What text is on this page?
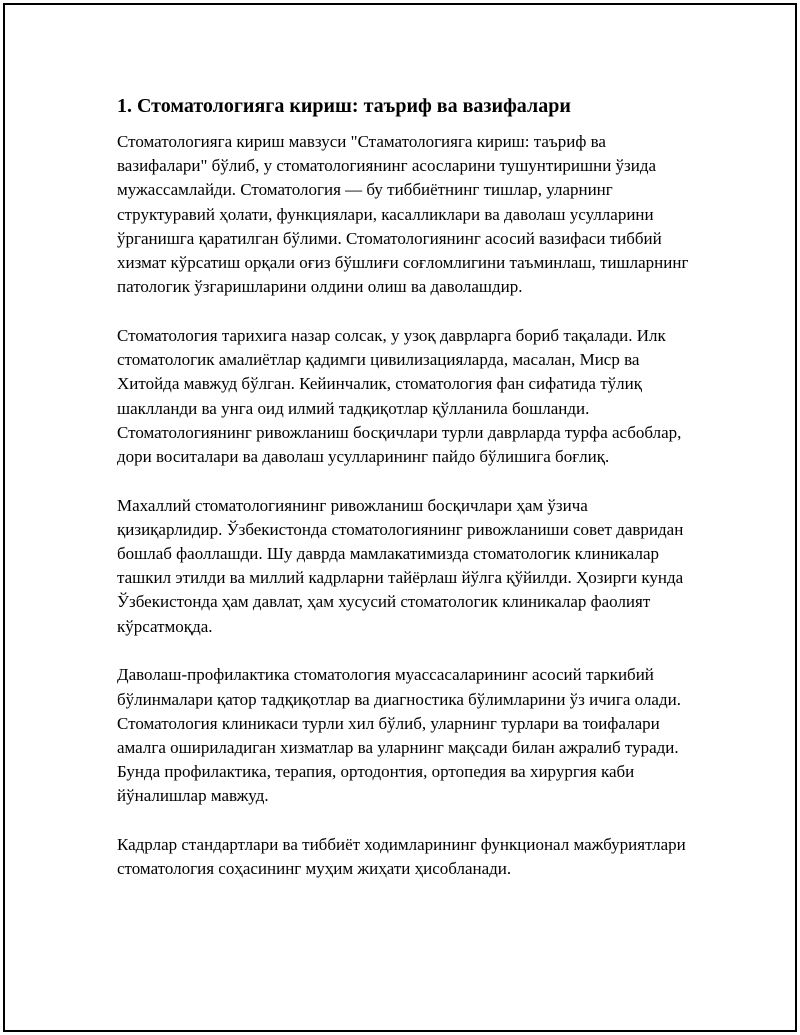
1. Стоматологияга кириш: таъриф ва вазифалари

Стоматологияга кириш мавзуси "Стаматологияга кириш: таъриф ва вазифалари" бўлиб, у стоматологиянинг асосларини тушунтиришни ўзида мужассамлайди. Стоматология — бу тиббиётнинг тишлар, уларнинг структуравий ҳолати, функциялари, касалликлари ва даволаш усулларини ўрганишга қаратилган бўлими. Стоматологиянинг асосий вазифаси тиббий хизмат кўрсатиш орқали оғиз бўшлиғи соғломлигини таъминлаш, тишларнинг патологик ўзгаришларини олдини олиш ва даволашдир.

Стоматология тарихига назар солсак, у узоқ даврларга бориб тақалади. Илк стоматологик амалиётлар қадимги цивилизацияларда, масалан, Миср ва Хитойда мавжуд бўлган. Кейинчалик, стоматология фан сифатида тўлиқ шаклланди ва унга оид илмий тадқиқотлар қўлланила бошланди. Стоматологиянинг ривожланиш босқичлари турли даврларда турфа асбоблар, дори воситалари ва даволаш усулларининг пайдо бўлишига боғлиқ.

Махаллий стоматологиянинг ривожланиш босқичлари ҳам ўзича қизиқарлидир. Ўзбекистонда стоматологиянинг ривожланиши совет давридан бошлаб фаоллашди. Шу даврда мамлакатимизда стоматологик клиникалар ташкил этилди ва миллий кадрларни тайёрлаш йўлга қўйилди. Ҳозирги кунда Ўзбекистонда ҳам давлат, ҳам хусусий стоматологик клиникалар фаолият кўрсатмоқда.

Даволаш-профилактика стоматология муассасаларининг асосий таркибий бўлинмалари қатор тадқиқотлар ва диагностика бўлимларини ўз ичига олади. Стоматология клиникаси турли хил бўлиб, уларнинг турлари ва тоифалари амалга ошириладиган хизматлар ва уларнинг мақсади билан ажралиб туради. Бунда профилактика, терапия, ортодонтия, ортопедия ва хирургия каби йўналишлар мавжуд.

Кадрлар стандартлари ва тиббиёт ходимларининг функционал мажбуриятлари стоматология соҳасининг муҳим жиҳати ҳисобланади.
